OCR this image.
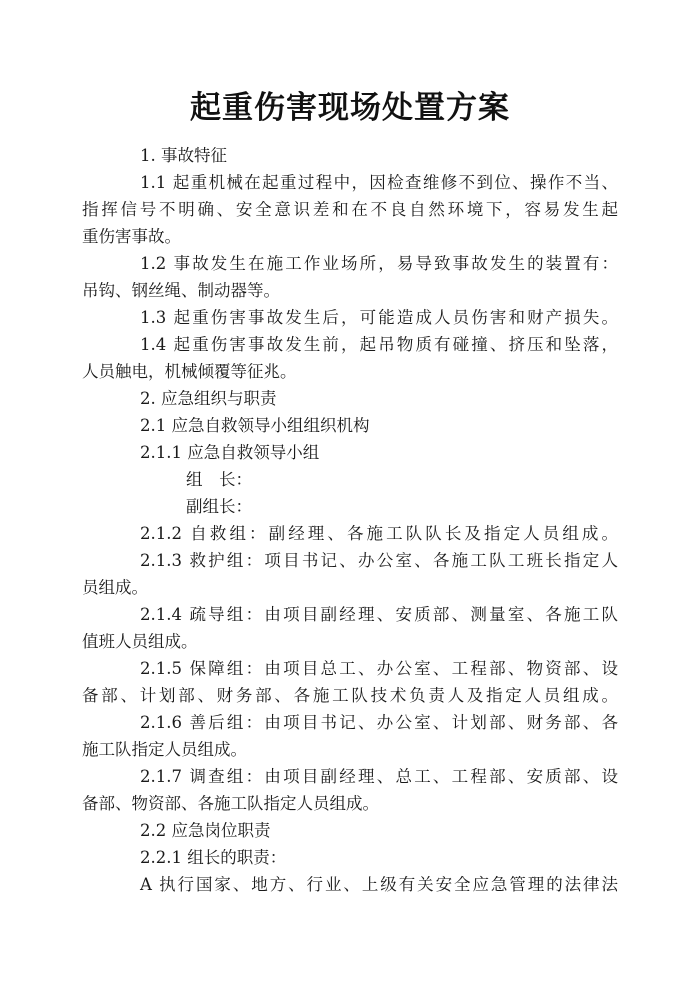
起重伤害现场处置方案
1. 事故特征
1.1 起重机械在起重过程中，因检查维修不到位、操作不当、
指挥信号不明确、安全意识差和在不良自然环境下，容易发生起
重伤害事故。
1.2 事故发生在施工作业场所，易导致事故发生的装置有：
吊钩、钢丝绳、制动器等。
1.3 起重伤害事故发生后，可能造成人员伤害和财产损失。
1.4 起重伤害事故发生前，起吊物质有碰撞、挤压和坠落，
人员触电，机械倾覆等征兆。
2. 应急组织与职责
2.1 应急自救领导小组组织机构
2.1.1 应急自救领导小组
组　长：
副组长：
2.1.2 自救组：副经理、各施工队队长及指定人员组成。
2.1.3 救护组：项目书记、办公室、各施工队工班长指定人
员组成。
2.1.4 疏导组：由项目副经理、安质部、测量室、各施工队
值班人员组成。
2.1.5 保障组：由项目总工、办公室、工程部、物资部、设
备部、计划部、财务部、各施工队技术负责人及指定人员组成。
2.1.6 善后组：由项目书记、办公室、计划部、财务部、各
施工队指定人员组成。
2.1.7 调查组：由项目副经理、总工、工程部、安质部、设
备部、物资部、各施工队指定人员组成。
2.2 应急岗位职责
2.2.1 组长的职责：
A 执行国家、地方、行业、上级有关安全应急管理的法律法
